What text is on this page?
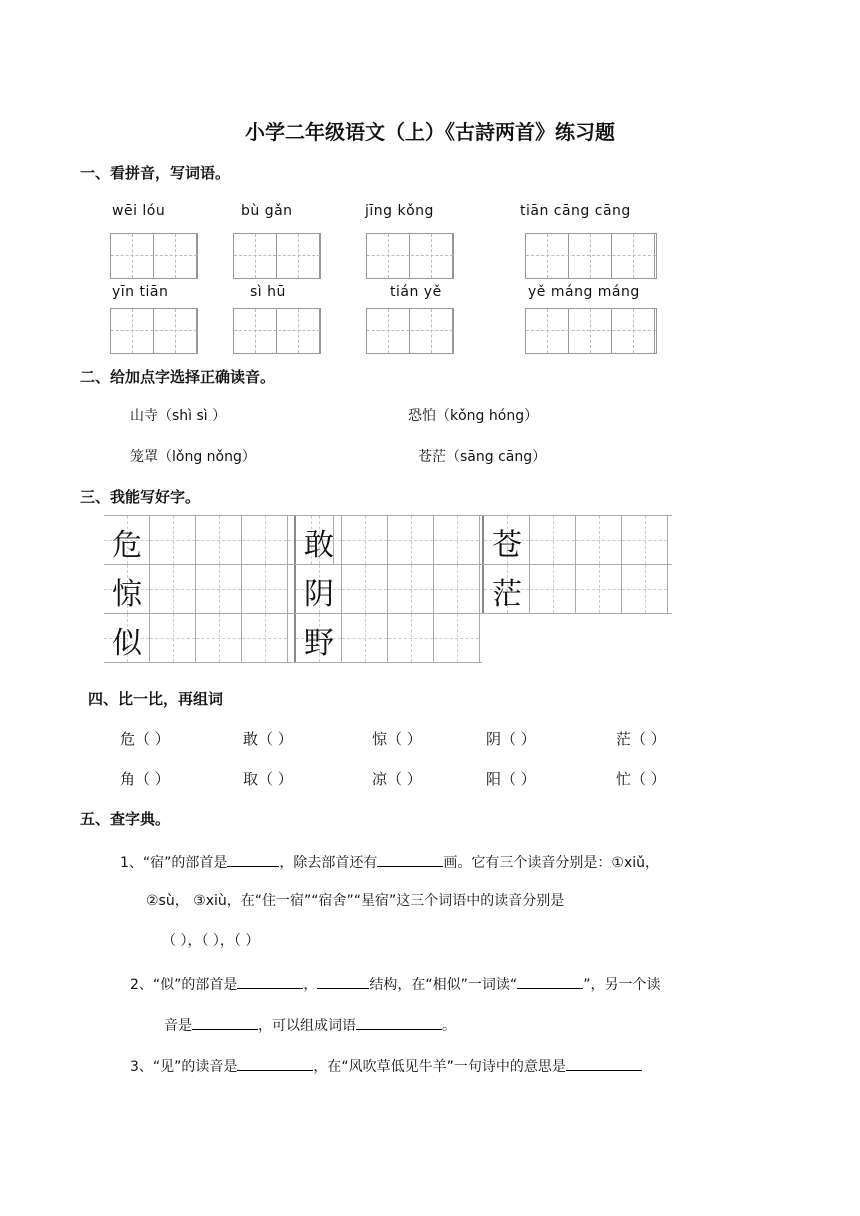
小学二年级语文（上）《古詩两首》练习题
一、看拼音，写词语。
wēi lóu	bù gǎn	jīng kǒng	tiān cāng cāng
yīn tiān	sì hū	tián yě	yě máng máng
二、给加点字选择正确读音。
山寺（shì sì ）	恐怕（kǒng hóng）
笼罩（lǒng nǒng）	苍茫（sāng cāng）
三、我能写好字。
危	敢	苍
惊	阴	茫
似	野
四、比一比，再组词
危（ ）	敢（ ）	惊（ ）	阴（ ）	茫（ ）
角（ ）	取（ ）	凉（ ）	阳（ ）	忙（ ）
五、查字典。
1、“宿”的部首是	，除去部首还有	画。它有三个读音分别是：①xiǔ，
②sù， ③xiù，在“住一宿”“宿舍”“星宿”这三个词语中的读音分别是
（ ），（ ），（ ）
2、“似”的部首是	，	结构，在“相似”一词读“	”，另一个读
音是	，可以组成词语	。
3、“见”的读音是	，在“风吹草低见牛羊”一句诗中的意思是
